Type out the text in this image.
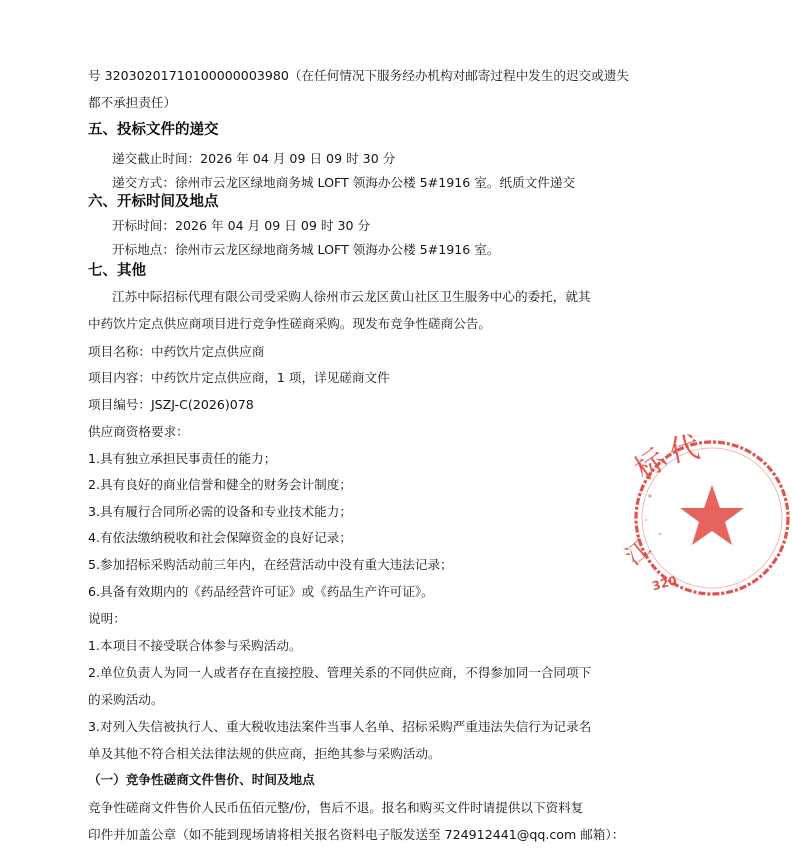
号 32030201710100000003980（在任何情况下服务经办机构对邮寄过程中发生的迟交或遗失
都不承担责任）
五、投标文件的递交
递交截止时间：2026 年 04 月 09 日 09 时 30 分
递交方式：徐州市云龙区绿地商务城 LOFT 领海办公楼 5#1916 室。纸质文件递交
六、开标时间及地点
开标时间：2026 年 04 月 09 日 09 时 30 分
开标地点：徐州市云龙区绿地商务城 LOFT 领海办公楼 5#1916 室。
七、其他
江苏中际招标代理有限公司受采购人徐州市云龙区黄山社区卫生服务中心的委托，就其
中药饮片定点供应商项目进行竞争性磋商采购。现发布竞争性磋商公告。
项目名称：中药饮片定点供应商
项目内容：中药饮片定点供应商，1 项，详见磋商文件
项目编号：JSZJ-C(2026)078
供应商资格要求：
1.具有独立承担民事责任的能力；
2.具有良好的商业信誉和健全的财务会计制度；
3.具有履行合同所必需的设备和专业技术能力；
4.有依法缴纳税收和社会保障资金的良好记录；
5.参加招标采购活动前三年内，在经营活动中没有重大违法记录；
6.具备有效期内的《药品经营许可证》或《药品生产许可证》。
说明：
1.本项目不接受联合体参与采购活动。
2.单位负责人为同一人或者存在直接控股、管理关系的不同供应商，不得参加同一合同项下
的采购活动。
3.对列入失信被执行人、重大税收违法案件当事人名单、招标采购严重违法失信行为记录名
单及其他不符合相关法律法规的供应商，拒绝其参与采购活动。
（一）竞争性磋商文件售价、时间及地点
竞争性磋商文件售价人民币伍佰元整/份，售后不退。报名和购买文件时请提供以下资料复
印件并加盖公章（如不能到现场请将相关报名资料电子版发送至 724912441@qq.com 邮箱）：
标
代
江
320
